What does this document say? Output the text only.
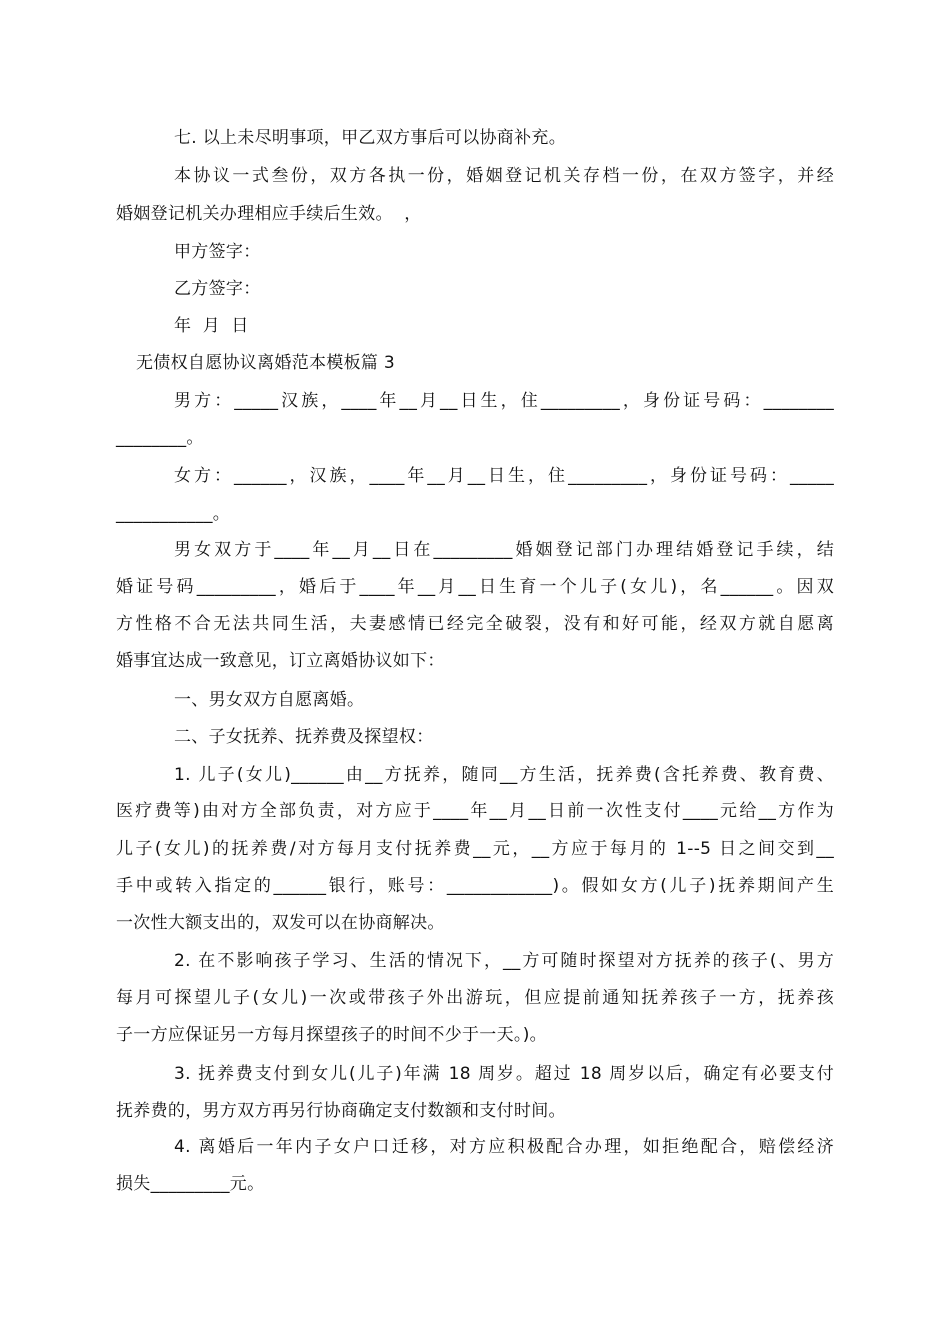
七. 以上未尽明事项，甲乙双方事后可以协商补充。
本协议一式叁份，双方各执一份，婚姻登记机关存档一份，在双方签字，并经
婚姻登记机关办理相应手续后生效。  ，
甲方签字：
乙方签字：
年  月  日
无债权自愿协议离婚范本模板篇 3
男方：_____汉族，____年__月__日生，住_________，身份证号码：________
________。
女方：______，汉族，____年__月__日生，住_________，身份证号码：_____
___________。
男女双方于____年__月__日在_________婚姻登记部门办理结婚登记手续，结
婚证号码_________，婚后于____年__月__日生育一个儿子(女儿)，名______。因双
方性格不合无法共同生活，夫妻感情已经完全破裂，没有和好可能，经双方就自愿离
婚事宜达成一致意见，订立离婚协议如下：
一、男女双方自愿离婚。
二、子女抚养、抚养费及探望权：
1. 儿子(女儿)______由__方抚养，随同__方生活，抚养费(含托养费、教育费、
医疗费等)由对方全部负责，对方应于____年__月__日前一次性支付____元给__方作为
儿子(女儿)的抚养费/对方每月支付抚养费__元，__方应于每月的 1--5 日之间交到__
手中或转入指定的______银行，账号：____________)。假如女方(儿子)抚养期间产生
一次性大额支出的，双发可以在协商解决。
2. 在不影响孩子学习、生活的情况下，__方可随时探望对方抚养的孩子(、男方
每月可探望儿子(女儿)一次或带孩子外出游玩，但应提前通知抚养孩子一方，抚养孩
子一方应保证另一方每月探望孩子的时间不少于一天。)。
3. 抚养费支付到女儿(儿子)年满 18 周岁。超过 18 周岁以后，确定有必要支付
抚养费的，男方双方再另行协商确定支付数额和支付时间。
4. 离婚后一年内子女户口迁移，对方应积极配合办理，如拒绝配合，赔偿经济
损失_________元。
